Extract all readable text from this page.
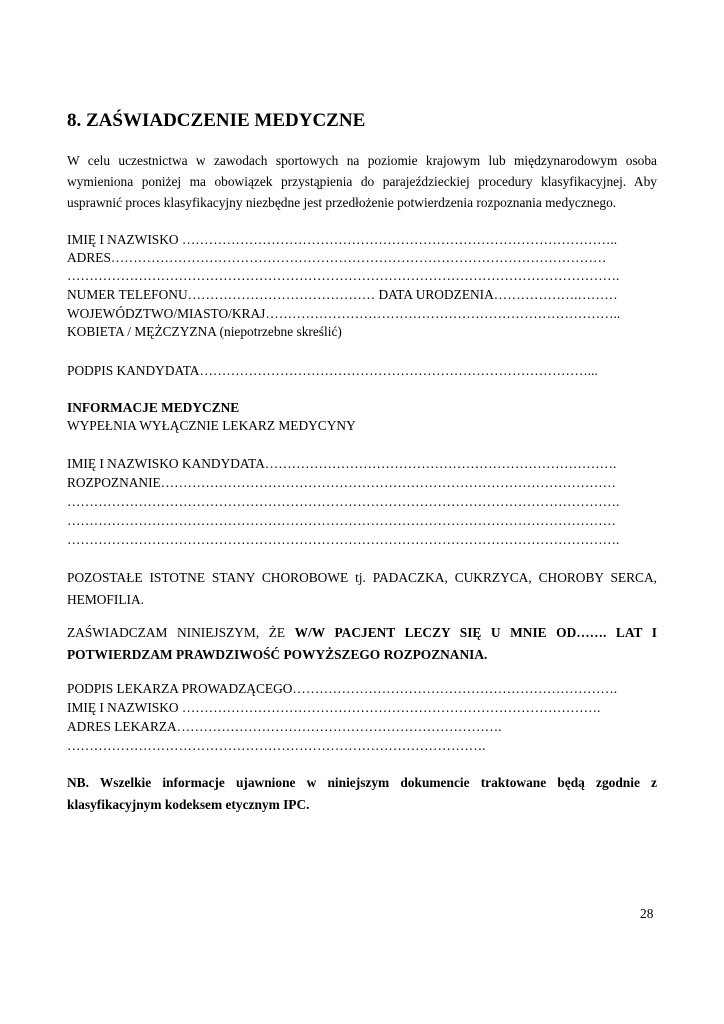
8. ZAŚWIADCZENIE MEDYCZNE
W celu uczestnictwa w zawodach sportowych na poziomie krajowym lub międzynarodowym osoba wymieniona poniżej ma obowiązek przystąpienia do parajeździeckiej procedury klasyfikacyjnej. Aby usprawnić proces klasyfikacyjny niezbędne jest przedłożenie potwierdzenia rozpoznania medycznego.
IMIĘ I NAZWISKO ……………………………………………………………………………………..
ADRES…………………………………………………………………………………………………
…………………………………………………………………………………………………………….
NUMER TELEFONU…………………………………… DATA URODZENIA……………….………
WOJEWÓDZTWO/MIASTO/KRAJ……………………………………………………………………..
KOBIETA / MĘŻCZYZNA (niepotrzebne skreślić)
PODPIS KANDYDATA……………………………………………………………………………...
INFORMACJE MEDYCZNE
WYPEŁNIA WYŁĄCZNIE LEKARZ MEDYCYNY
IMIĘ I NAZWISKO KANDYDATA…………………………………………………………………….
ROZPOZNANIE…………………………………………………………………………………………
…………………………………………………………………………………………………………….
……………………………………………………………………………………………………………
…………………………………………………………………………………………………………….
POZOSTAŁE ISTOTNE STANY CHOROBOWE tj. PADACZKA, CUKRZYCA, CHOROBY SERCA, HEMOFILIA.
ZAŚWIADCZAM NINIEJSZYM, ŻE W/W PACJENT LECZY SIĘ U MNIE OD……. LAT I POTWIERDZAM PRAWDZIWOŚĆ POWYŻSZEGO ROZPOZNANIA.
PODPIS LEKARZA PROWADZĄCEGO……………………………………………………………….
IMIĘ I NAZWISKO ………………………………………………………………………………….
ADRES LEKARZA……………………………………………………………….
………………………………………………………………………………….
NB. Wszelkie informacje ujawnione w niniejszym dokumencie traktowane będą zgodnie z klasyfikacyjnym kodeksem etycznym IPC.
28
